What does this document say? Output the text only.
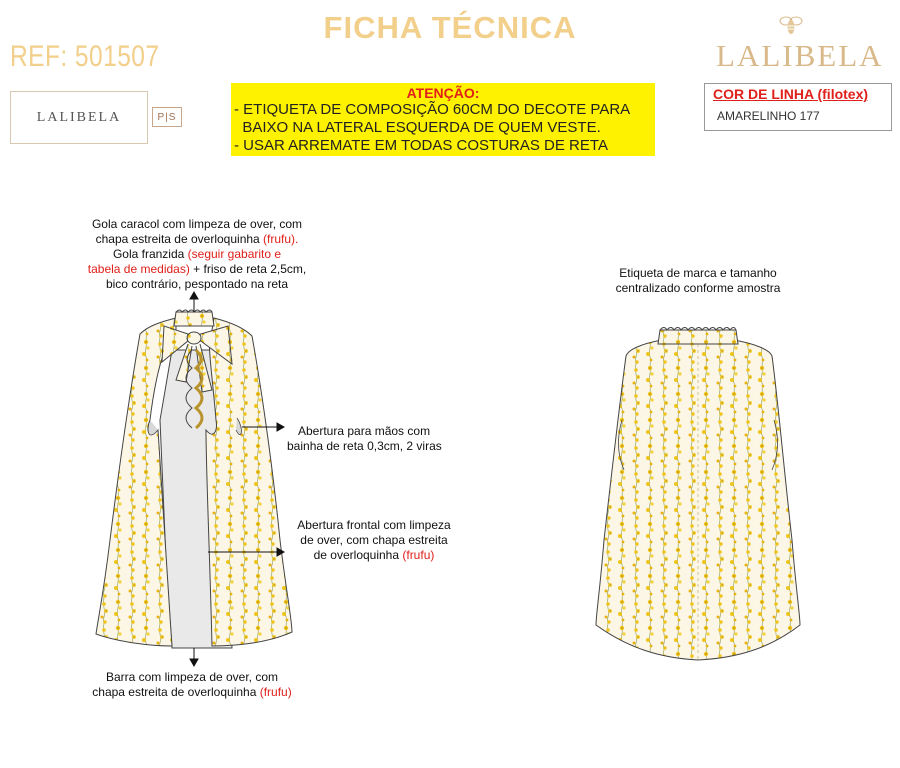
FICHA TÉCNICA
REF: 501507	LALIBELA
LALIBELA	P|S
ATENÇÃO:
- ETIQUETA DE COMPOSIÇÃO 60CM DO DECOTE PARA
BAIXO NA LATERAL ESQUERDA DE QUEM VESTE.
- USAR ARREMATE EM TODAS COSTURAS DE RETA
COR DE LINHA (filotex)
AMARELINHO 177
Gola caracol com limpeza de over, com
chapa estreita de overloquinha (frufu).
Gola franzida (seguir gabarito e
tabela de medidas) + friso de reta 2,5cm,
bico contrário, pespontado na reta
Abertura para mãos com
bainha de reta 0,3cm, 2 viras
Abertura frontal com limpeza
de over, com chapa estreita
de overloquinha (frufu)
Barra com limpeza de over, com
chapa estreita de overloquinha (frufu)
Etiqueta de marca e tamanho
centralizado conforme amostra
